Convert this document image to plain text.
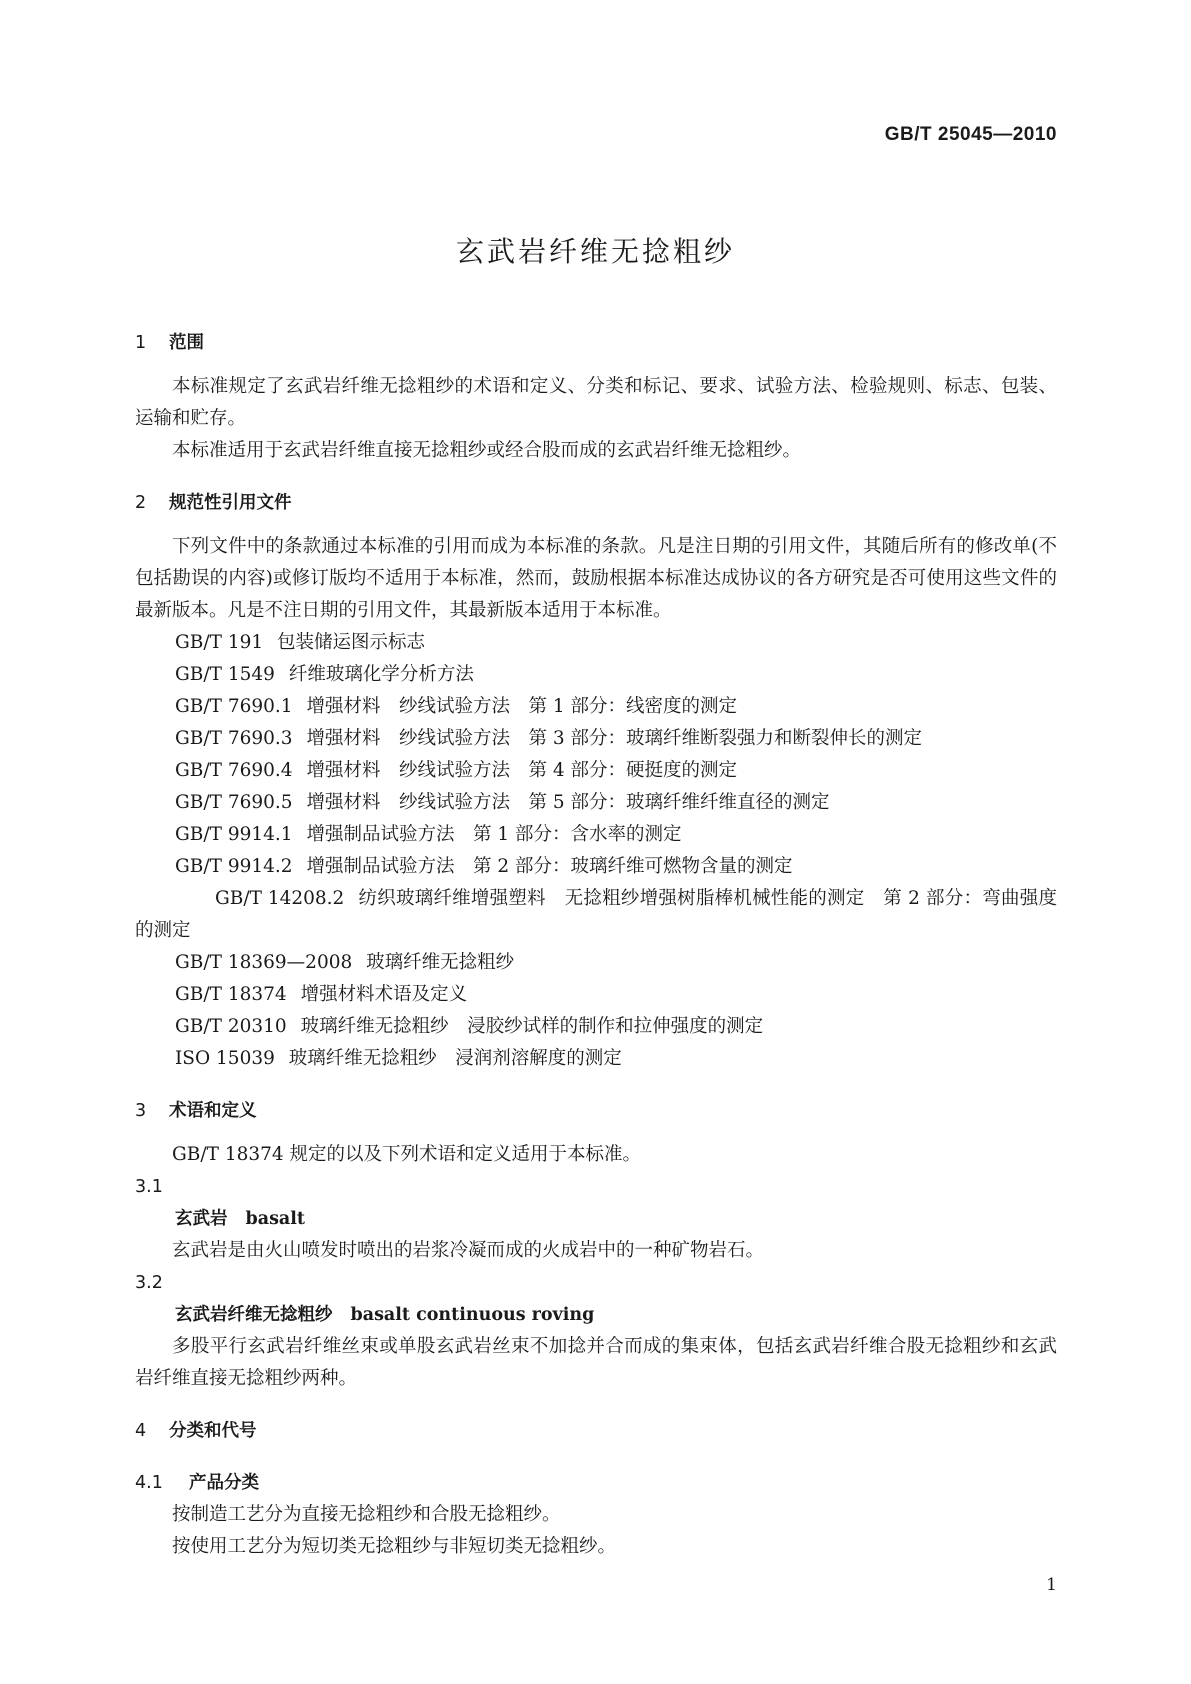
GB/T 25045—2010
玄武岩纤维无捻粗纱
1 范围

本标准规定了玄武岩纤维无捻粗纱的术语和定义、分类和标记、要求、试验方法、检验规则、标志、包装、运输和贮存。

本标准适用于玄武岩纤维直接无捻粗纱或经合股而成的玄武岩纤维无捻粗纱。

2 规范性引用文件

下列文件中的条款通过本标准的引用而成为本标准的条款。凡是注日期的引用文件，其随后所有的修改单(不包括勘误的内容)或修订版均不适用于本标准，然而，鼓励根据本标准达成协议的各方研究是否可使用这些文件的最新版本。凡是不注日期的引用文件，其最新版本适用于本标准。

GB/T 191 包装储运图示标志
GB/T 1549 纤维玻璃化学分析方法
GB/T 7690.1 增强材料　纱线试验方法　第 1 部分：线密度的测定
GB/T 7690.3 增强材料　纱线试验方法　第 3 部分：玻璃纤维断裂强力和断裂伸长的测定
GB/T 7690.4 增强材料　纱线试验方法　第 4 部分：硬挺度的测定
GB/T 7690.5 增强材料　纱线试验方法　第 5 部分：玻璃纤维纤维直径的测定
GB/T 9914.1 增强制品试验方法　第 1 部分：含水率的测定
GB/T 9914.2 增强制品试验方法　第 2 部分：玻璃纤维可燃物含量的测定
GB/T 14208.2 纺织玻璃纤维增强塑料　无捻粗纱增强树脂棒机械性能的测定　第 2 部分：弯曲强度的测定
GB/T 18369—2008 玻璃纤维无捻粗纱
GB/T 18374 增强材料术语及定义
GB/T 20310 玻璃纤维无捻粗纱　浸胶纱试样的制作和拉伸强度的测定
ISO 15039 玻璃纤维无捻粗纱　浸润剂溶解度的测定
3 术语和定义

GB/T 18374 规定的以及下列术语和定义适用于本标准。

3.1
玄武岩 basalt

玄武岩是由火山喷发时喷出的岩浆冷凝而成的火成岩中的一种矿物岩石。

3.2
玄武岩纤维无捻粗纱 basalt continuous roving

多股平行玄武岩纤维丝束或单股玄武岩丝束不加捻并合而成的集束体，包括玄武岩纤维合股无捻粗纱和玄武岩纤维直接无捻粗纱两种。

4 分类和代号
4.1 产品分类

按制造工艺分为直接无捻粗纱和合股无捻粗纱。

按使用工艺分为短切类无捻粗纱与非短切类无捻粗纱。

1
